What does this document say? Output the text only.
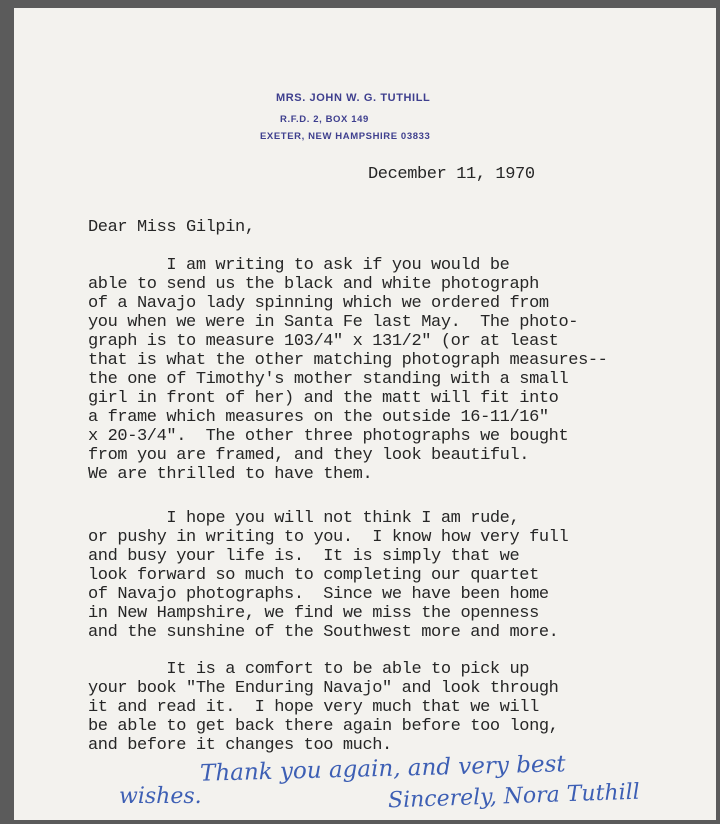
MRS. JOHN W. G. TUTHILL
R.F.D. 2, BOX 149
EXETER, NEW HAMPSHIRE 03833
December 11, 1970
Dear Miss Gilpin,
I am writing to ask if you would be
able to send us the black and white photograph
of a Navajo lady spinning which we ordered from
you when we were in Santa Fe last May.  The photo-
graph is to measure 103/4" x 131/2" (or at least
that is what the other matching photograph measures--
the one of Timothy's mother standing with a small
girl in front of her) and the matt will fit into
a frame which measures on the outside 16-11/16"
x 20-3/4".  The other three photographs we bought
from you are framed, and they look beautiful.
We are thrilled to have them.
I hope you will not think I am rude,
or pushy in writing to you.  I know how very full
and busy your life is.  It is simply that we
look forward so much to completing our quartet
of Navajo photographs.  Since we have been home
in New Hampshire, we find we miss the openness
and the sunshine of the Southwest more and more.
It is a comfort to be able to pick up
your book "The Enduring Navajo" and look through
it and read it.  I hope very much that we will
be able to get back there again before too long,
and before it changes too much.
Thank you again, and very best
wishes.	Sincerely, Nora Tuthill
